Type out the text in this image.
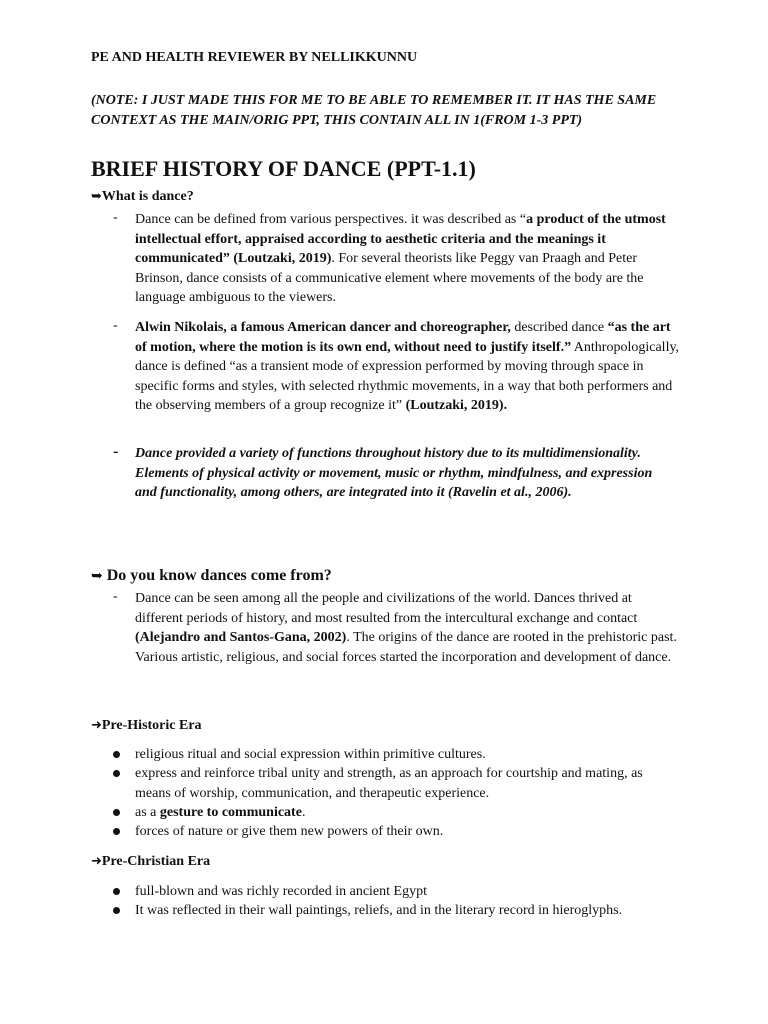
PE AND HEALTH REVIEWER BY NELLIKKUNNU
(NOTE: I JUST MADE THIS FOR ME TO BE ABLE TO REMEMBER IT. IT HAS THE SAME
CONTEXT AS THE MAIN/ORIG PPT, THIS CONTAIN ALL IN 1(FROM 1-3 PPT)
BRIEF HISTORY OF DANCE (PPT-1.1)
➥What is dance?
- Dance can be defined from various perspectives. it was described as “a product of the utmost intellectual effort, appraised according to aesthetic criteria and the meanings it communicated” (Loutzaki, 2019). For several theorists like Peggy van Praagh and Peter Brinson, dance consists of a communicative element where movements of the body are the language ambiguous to the viewers.
- Alwin Nikolais, a famous American dancer and choreographer, described dance “as the art of motion, where the motion is its own end, without need to justify itself.” Anthropologically, dance is defined “as a transient mode of expression performed by moving through space in specific forms and styles, with selected rhythmic movements, in a way that both performers and the observing members of a group recognize it” (Loutzaki, 2019).
- Dance provided a variety of functions throughout history due to its multidimensionality. Elements of physical activity or movement, music or rhythm, mindfulness, and expression and functionality, among others, are integrated into it (Ravelin et al., 2006).
➥ Do you know dances come from?
- Dance can be seen among all the people and civilizations of the world. Dances thrived at different periods of history, and most resulted from the intercultural exchange and contact (Alejandro and Santos-Gana, 2002). The origins of the dance are rooted in the prehistoric past. Various artistic, religious, and social forces started the incorporation and development of dance.
➜Pre-Historic Era
religious ritual and social expression within primitive cultures.
express and reinforce tribal unity and strength, as an approach for courtship and mating, as means of worship, communication, and therapeutic experience.
as a gesture to communicate.
forces of nature or give them new powers of their own.
➜Pre-Christian Era
full-blown and was richly recorded in ancient Egypt
It was reflected in their wall paintings, reliefs, and in the literary record in hieroglyphs.
